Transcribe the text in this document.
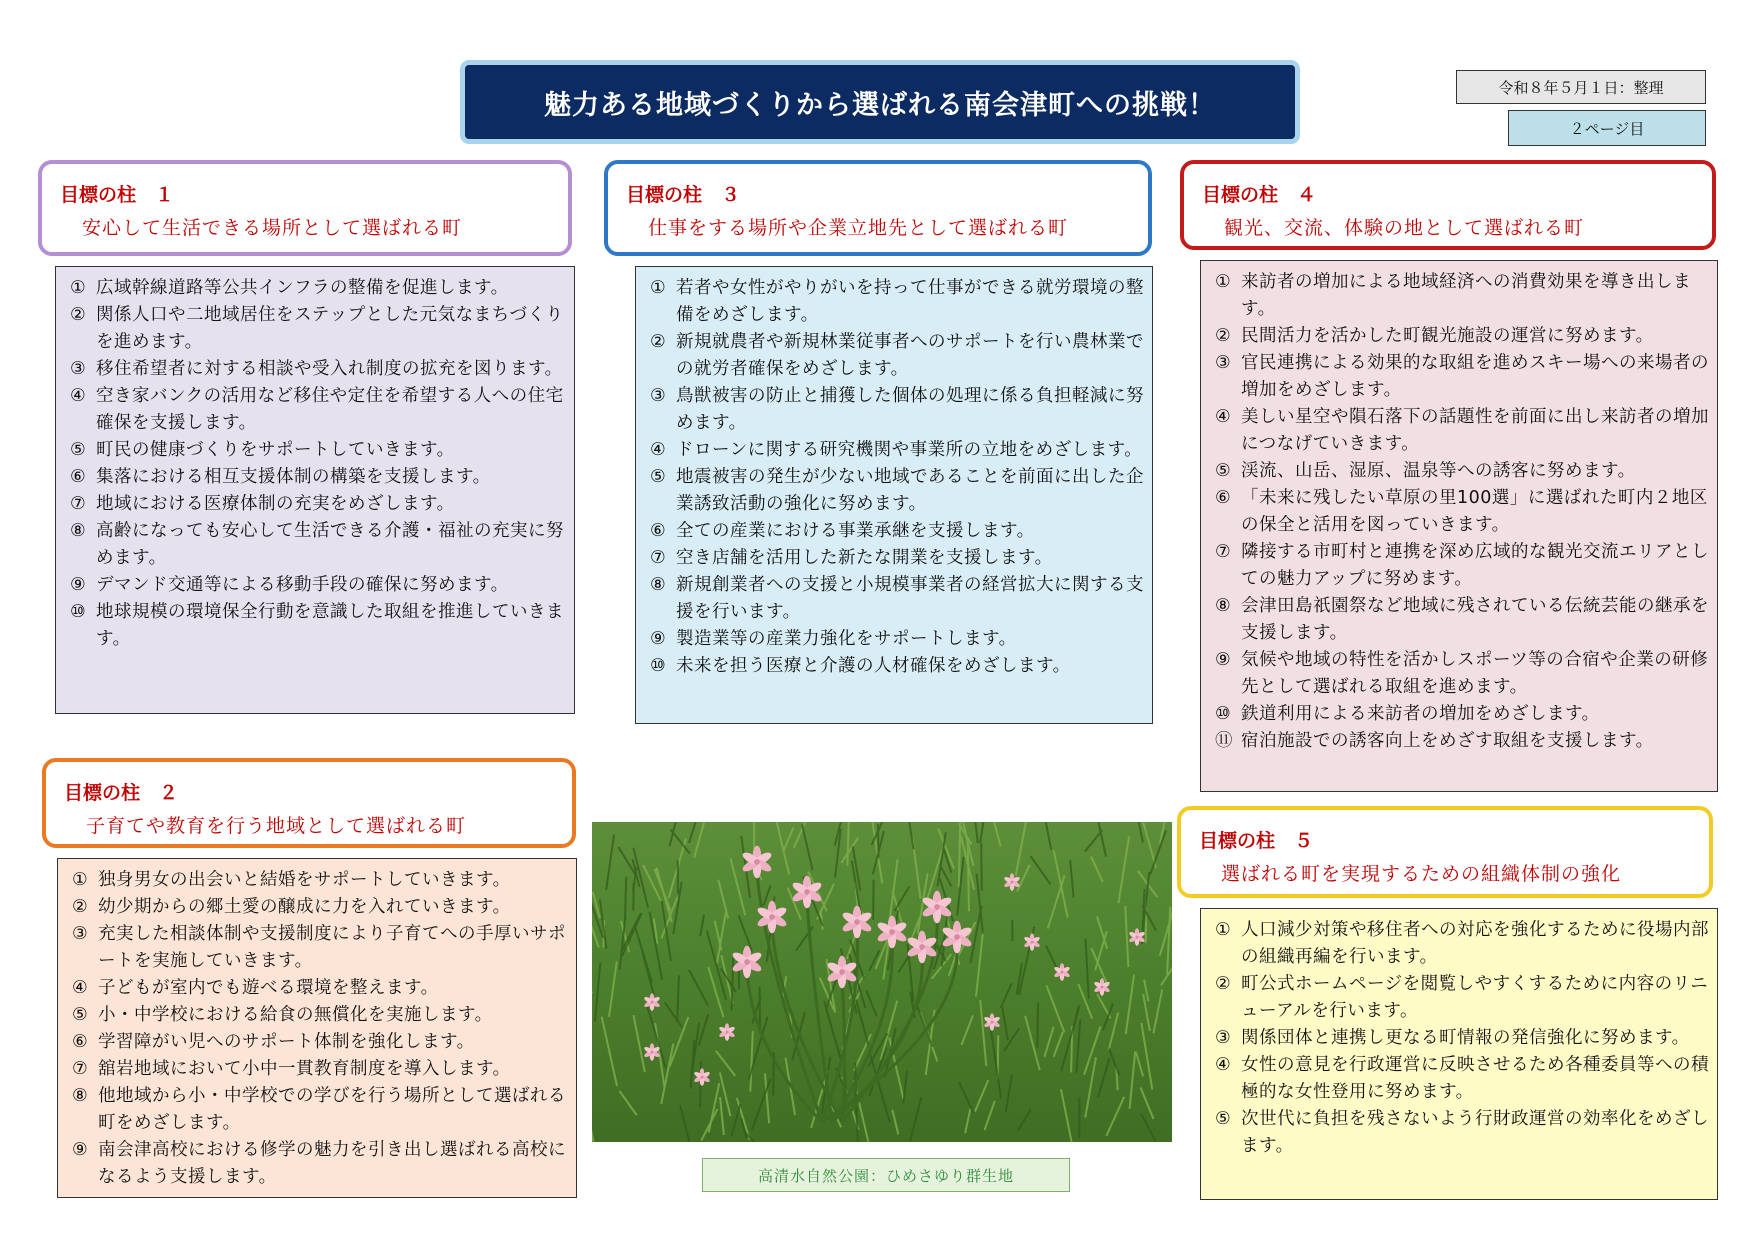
魅力ある地域づくりから選ばれる南会津町への挑戦！
令和８年５月１日：整理
２ページ目
目標の柱　１
安心して生活できる場所として選ばれる町
① 広域幹線道路等公共インフラの整備を促進します。
② 関係人口や二地域居住をステップとした元気なまちづくりを進めます。
③ 移住希望者に対する相談や受入れ制度の拡充を図ります。
④ 空き家バンクの活用など移住や定住を希望する人への住宅確保を支援します。
⑤ 町民の健康づくりをサポートしていきます。
⑥ 集落における相互支援体制の構築を支援します。
⑦ 地域における医療体制の充実をめざします。
⑧ 高齢になっても安心して生活できる介護・福祉の充実に努めます。
⑨ デマンド交通等による移動手段の確保に努めます。
⑩ 地球規模の環境保全行動を意識した取組を推進していきます。
目標の柱　３
仕事をする場所や企業立地先として選ばれる町
① 若者や女性がやりがいを持って仕事ができる就労環境の整備をめざします。
② 新規就農者や新規林業従事者へのサポートを行い農林業での就労者確保をめざします。
③ 鳥獣被害の防止と捕獲した個体の処理に係る負担軽減に努めます。
④ ドローンに関する研究機関や事業所の立地をめざします。
⑤ 地震被害の発生が少ない地域であることを前面に出した企業誘致活動の強化に努めます。
⑥ 全ての産業における事業承継を支援します。
⑦ 空き店舗を活用した新たな開業を支援します。
⑧ 新規創業者への支援と小規模事業者の経営拡大に関する支援を行います。
⑨ 製造業等の産業力強化をサポートします。
⑩ 未来を担う医療と介護の人材確保をめざします。
目標の柱　４
観光、交流、体験の地として選ばれる町
① 来訪者の増加による地域経済への消費効果を導き出します。
② 民間活力を活かした町観光施設の運営に努めます。
③ 官民連携による効果的な取組を進めスキー場への来場者の増加をめざします。
④ 美しい星空や隕石落下の話題性を前面に出し来訪者の増加につなげていきます。
⑤ 渓流、山岳、湿原、温泉等への誘客に努めます。
⑥ 「未来に残したい草原の里100選」に選ばれた町内２地区の保全と活用を図っていきます。
⑦ 隣接する市町村と連携を深め広域的な観光交流エリアとしての魅力アップに努めます。
⑧ 会津田島祇園祭など地域に残されている伝統芸能の継承を支援します。
⑨ 気候や地域の特性を活かしスポーツ等の合宿や企業の研修先として選ばれる取組を進めます。
⑩ 鉄道利用による来訪者の増加をめざします。
⑪ 宿泊施設での誘客向上をめざす取組を支援します。
目標の柱　２
子育てや教育を行う地域として選ばれる町
① 独身男女の出会いと結婚をサポートしていきます。
② 幼少期からの郷土愛の醸成に力を入れていきます。
③ 充実した相談体制や支援制度により子育てへの手厚いサポートを実施していきます。
④ 子どもが室内でも遊べる環境を整えます。
⑤ 小・中学校における給食の無償化を実施します。
⑥ 学習障がい児へのサポート体制を強化します。
⑦ 舘岩地域において小中一貫教育制度を導入します。
⑧ 他地域から小・中学校での学びを行う場所として選ばれる町をめざします。
⑨ 南会津高校における修学の魅力を引き出し選ばれる高校になるよう支援します。
目標の柱　５
選ばれる町を実現するための組織体制の強化
① 人口減少対策や移住者への対応を強化するために役場内部の組織再編を行います。
② 町公式ホームページを閲覧しやすくするために内容のリニューアルを行います。
③ 関係団体と連携し更なる町情報の発信強化に努めます。
④ 女性の意見を行政運営に反映させるため各種委員等への積極的な女性登用に努めます。
⑤ 次世代に負担を残さないよう行財政運営の効率化をめざします。
高清水自然公園：ひめさゆり群生地
